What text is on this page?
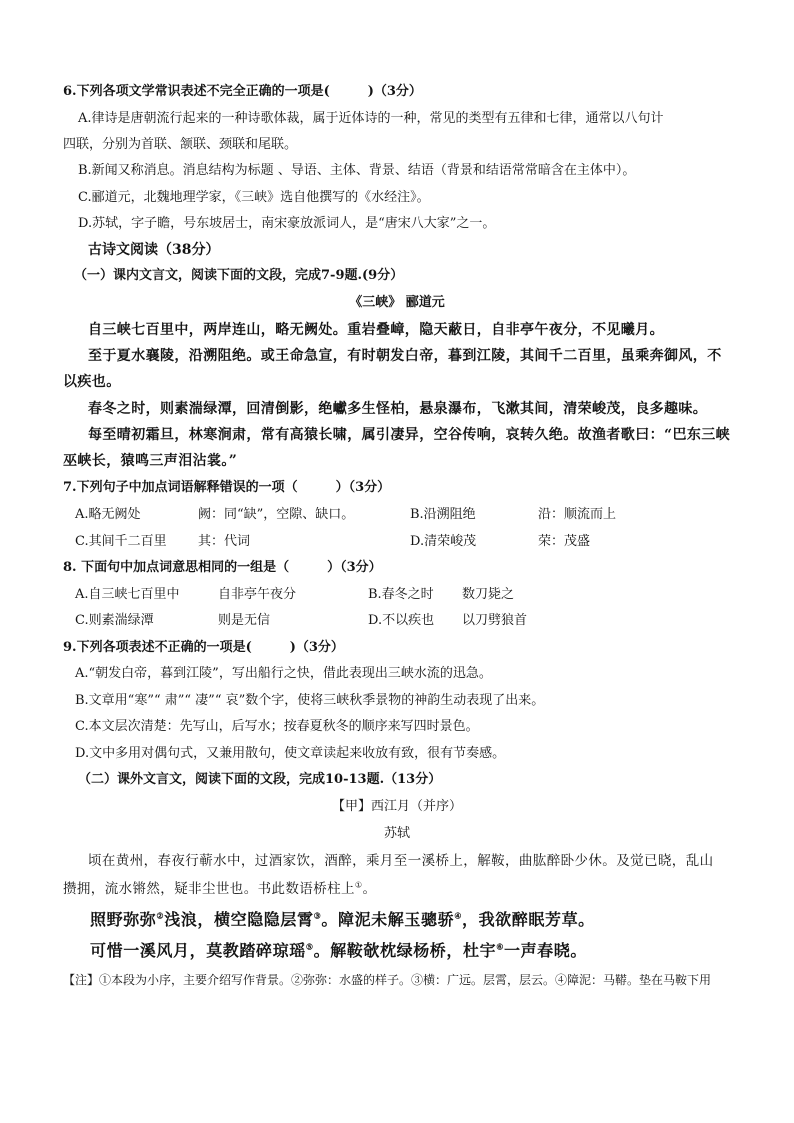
6.下列各项文学常识表述不完全正确的一项是(	)（3分）
A.律诗是唐朝流行起来的一种诗歌体裁，属于近体诗的一种，常见的类型有五律和七律，通常以八句计
四联，分别为首联、颔联、颈联和尾联。
B.新闻又称消息。消息结构为标题 、导语、主体、背景、结语（背景和结语常常暗含在主体中）。
C.郦道元，北魏地理学家，《三峡》选自他撰写的《水经注》。
D.苏轼，字子瞻，号东坡居士，南宋豪放派词人，是“唐宋八大家”之一。
古诗文阅读（38分）
（一）课内文言文，阅读下面的文段，完成7-9题.(9分）
《三峡》 郦道元
自三峡七百里中，两岸连山，略无阙处。重岩叠嶂，隐天蔽日，自非亭午夜分，不见曦月。
至于夏水襄陵，沿溯阻绝。或王命急宣，有时朝发白帝，暮到江陵，其间千二百里，虽乘奔御风，不
以疾也。
春冬之时，则素湍绿潭，回清倒影，绝巘多生怪柏，悬泉瀑布，飞漱其间，清荣峻茂，良多趣味。
每至晴初霜旦，林寒涧肃，常有高猿长啸，属引凄异，空谷传响，哀转久绝。故渔者歌曰：“巴东三峡
巫峡长，猿鸣三声泪沾裳。”
7.下列句子中加点词语解释错误的一项（	）（3分）
A.略无阙处	阙：同“缺”，空隙、缺口。	B.沿溯阻绝	沿：顺流而上
C.其间千二百里 其：代词	D.清荣峻茂	荣：茂盛
8. 下面句中加点词意思相同的一组是（	）（3分）
A.自三峡七百里中	自非亭午夜分	B.春冬之时 数刀毙之
C.则素湍绿潭	则是无信	D.不以疾也 以刀劈狼首
9.下列各项表述不正确的一项是(	)（3分）
A.“朝发白帝，暮到江陵”，写出船行之快，借此表现出三峡水流的迅急。
B.文章用“寒”“ 肃”“ 凄”“ 哀”数个字，使将三峡秋季景物的神韵生动表现了出来。
C.本文层次清楚：先写山，后写水；按春夏秋冬的顺序来写四时景色。
D.文中多用对偶句式，又兼用散句，使文章读起来收放有致，很有节奏感。
（二）课外文言文，阅读下面的文段，完成10-13题.（13分）
【甲】西江月（并序）
苏轼
顷在黄州，春夜行蕲水中，过酒家饮，酒醉，乘月至一溪桥上，解鞍，曲肱醉卧少休。及觉已晓，乱山
攒拥，流水锵然，疑非尘世也。书此数语桥柱上①。
照野弥弥②浅浪，横空隐隐层霄③。障泥未解玉骢骄④，我欲醉眠芳草。
可惜一溪风月，莫教踏碎琼瑶⑤。解鞍欹枕绿杨桥，杜宇⑥一声春晓。
【注】①本段为小序，主要介绍写作背景。②弥弥：水盛的样子。③横：广远。层霄，层云。④障泥：马鞯。垫在马鞍下用
